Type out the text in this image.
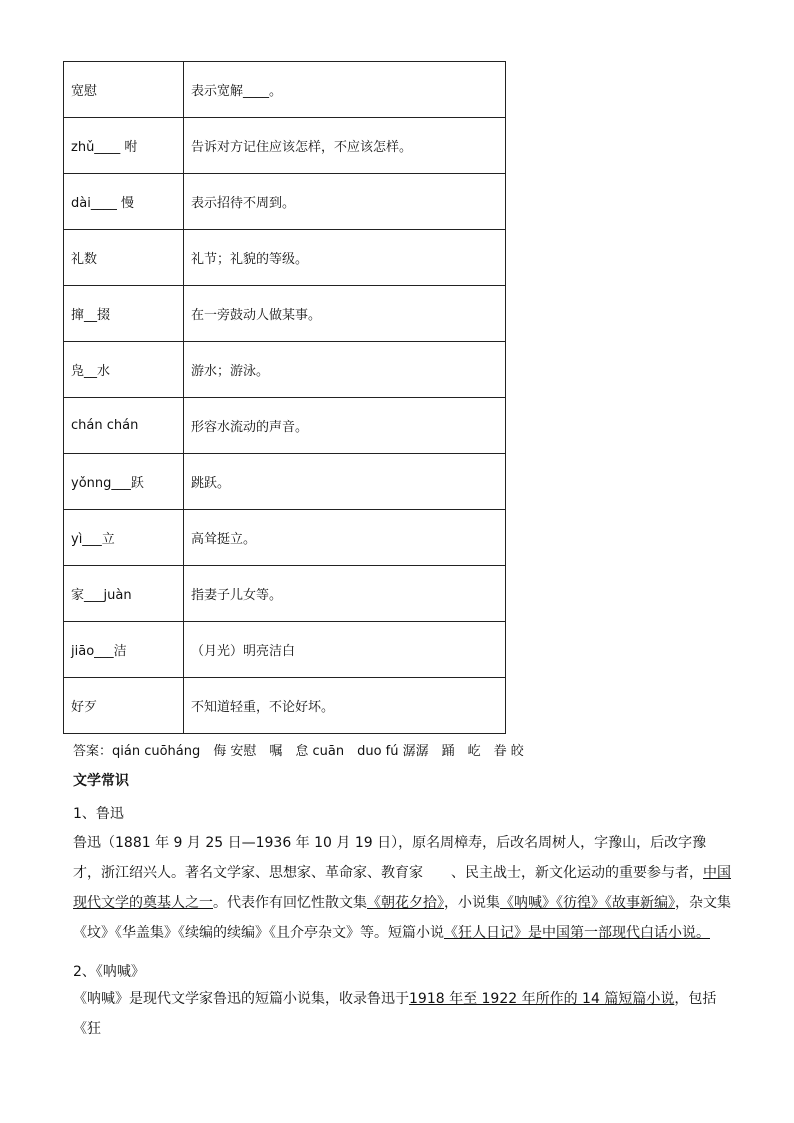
宽慰	表示宽解____。
zhǔ____ 咐	告诉对方记住应该怎样，不应该怎样。
dài____ 慢	表示招待不周到。
礼数	礼节；礼貌的等级。
撺__掇	在一旁鼓动人做某事。
凫__水	游水；游泳。
chán chán	形容水流动的声音。
yǒnng___跃	跳跃。
yì___立	高耸挺立。
家___juàn	指妻子儿女等。
jiāo___洁	（月光）明亮洁白
好歹	不知道轻重，不论好坏。
答案：qián cuōháng　侮 安慰　嘱　怠 cuān　duo fú 潺潺　踊　屹　眷 皎
文学常识
1、鲁迅

鲁迅（1881 年 9 月 25 日—1936 年 10 月 19 日），原名周樟寿，后改名周树人，字豫山，后改字豫才，浙江绍兴人。著名文学家、思想家、革命家、教育家　　、民主战士，新文化运动的重要参与者，中国现代文学的奠基人之一。代表作有回忆性散文集《朝花夕拾》，小说集《呐喊》《彷徨》《故事新编》，杂文集《坟》《华盖集》《续编的续编》《且介亭杂文》等。短篇小说《狂人日记》是中国第一部现代白话小说。

2、《呐喊》

《呐喊》是现代文学家鲁迅的短篇小说集，收录鲁迅于1918 年至 1922 年所作的 14 篇短篇小说，包括《狂
